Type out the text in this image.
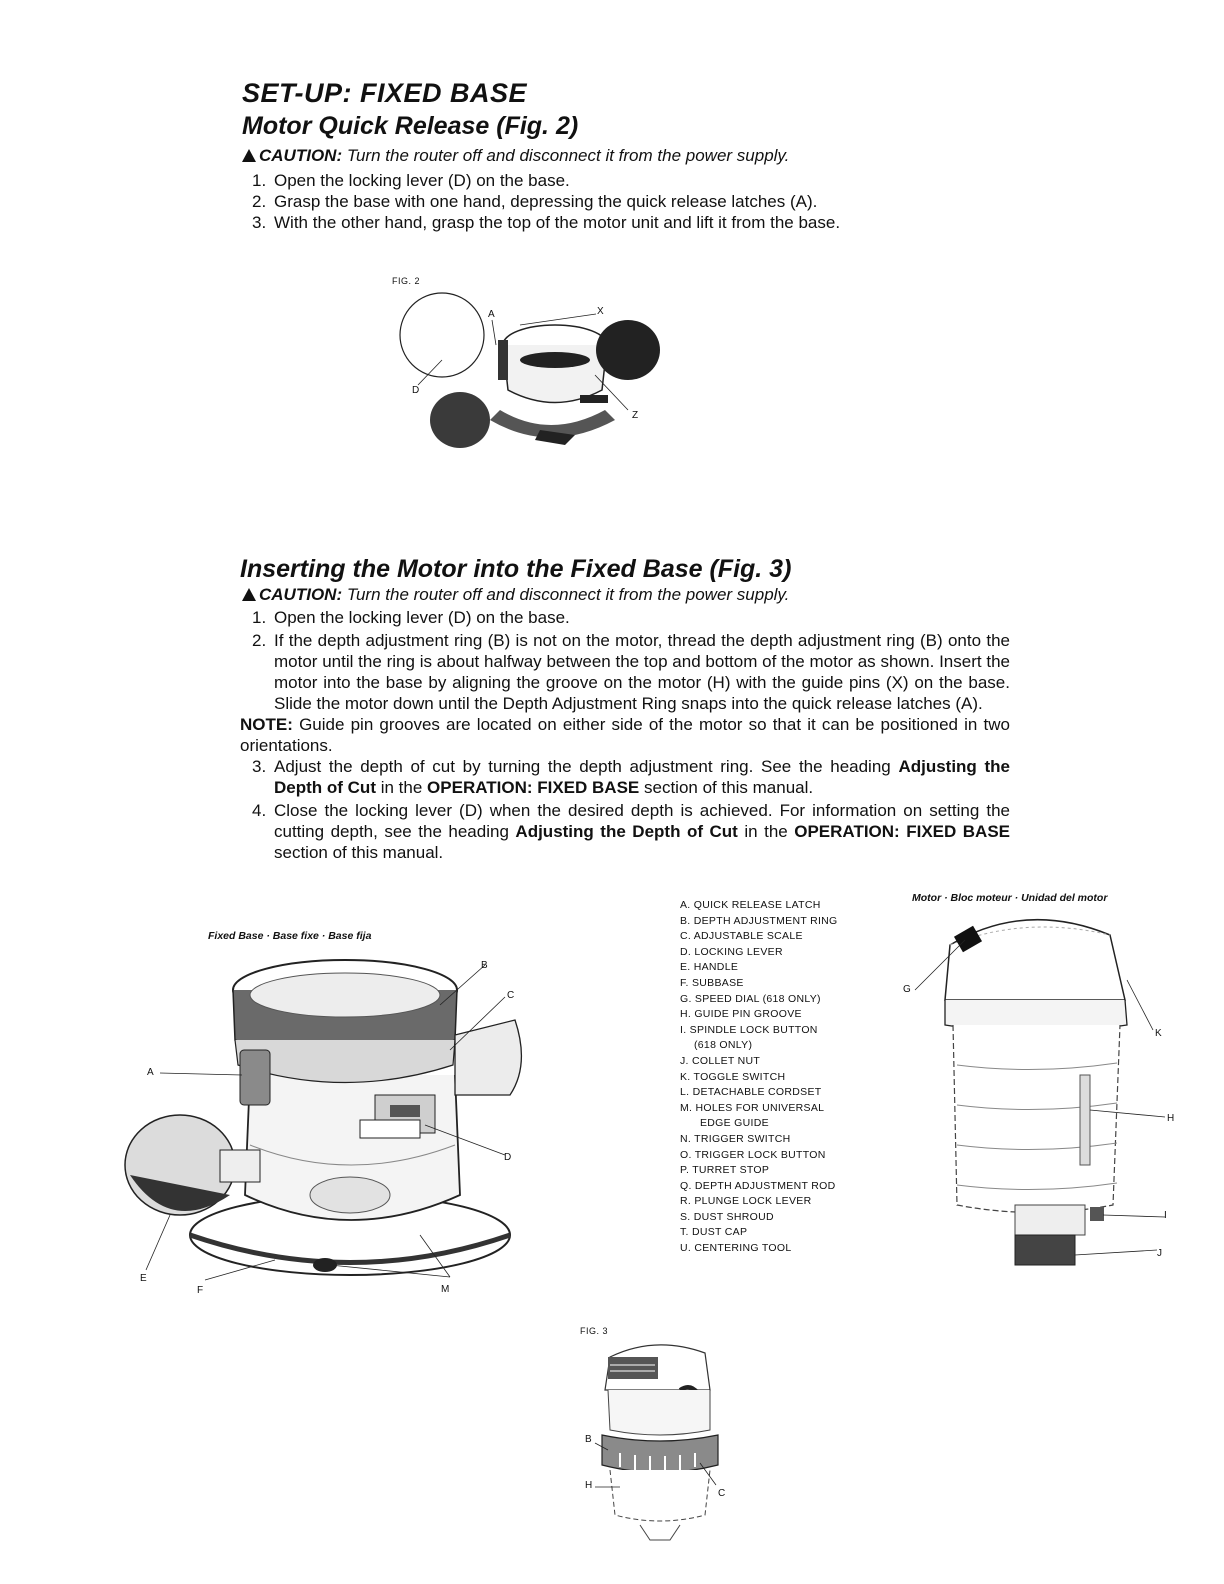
SET-UP: FIXED BASE
Motor Quick Release (Fig. 2)
CAUTION: Turn the router off and disconnect it from the power supply.
1. Open the locking lever (D) on the base.
2. Grasp the base with one hand, depressing the quick release latches (A).
3. With the other hand, grasp the top of the motor unit and lift it from the base.
FIG. 2
A	X
D
Z
Inserting the Motor into the Fixed Base (Fig. 3)
CAUTION: Turn the router off and disconnect it from the power supply.
1. Open the locking lever (D) on the base.
2. If the depth adjustment ring (B) is not on the motor, thread the depth adjustment ring (B) onto the motor until the ring is about halfway between the top and bottom of the motor as shown. Insert the motor into the base by aligning the groove on the motor (H) with the guide pins (X) on the base. Slide the motor down until the Depth Adjustment Ring snaps into the quick release latches (A).
NOTE: Guide pin grooves are located on either side of the motor so that it can be positioned in two orientations.
3. Adjust the depth of cut by turning the depth adjustment ring. See the heading Adjusting the Depth of Cut in the OPERATION: FIXED BASE section of this manual.
4. Close the locking lever (D) when the desired depth is achieved. For information on setting the cutting depth, see the heading Adjusting the Depth of Cut in the OPERATION: FIXED BASE section of this manual.
Fixed Base · Base fixe · Base fija
B
C
A
D
E
F	M
A. QUICK RELEASE LATCH
B. DEPTH ADJUSTMENT RING
C. ADJUSTABLE SCALE
D. LOCKING LEVER
E. HANDLE
F. SUBBASE
G. SPEED DIAL (618 ONLY)
H. GUIDE PIN GROOVE
I. SPINDLE LOCK BUTTON
(618 ONLY)
J. COLLET NUT
K. TOGGLE SWITCH
L. DETACHABLE CORDSET
M. HOLES FOR UNIVERSAL
EDGE GUIDE
N. TRIGGER SWITCH
O. TRIGGER LOCK BUTTON
P. TURRET STOP
Q. DEPTH ADJUSTMENT ROD
R. PLUNGE LOCK LEVER
S. DUST SHROUD
T. DUST CAP
U. CENTERING TOOL
Motor · Bloc moteur · Unidad del motor
G
K
H
I
J
FIG. 3
B
H
C
